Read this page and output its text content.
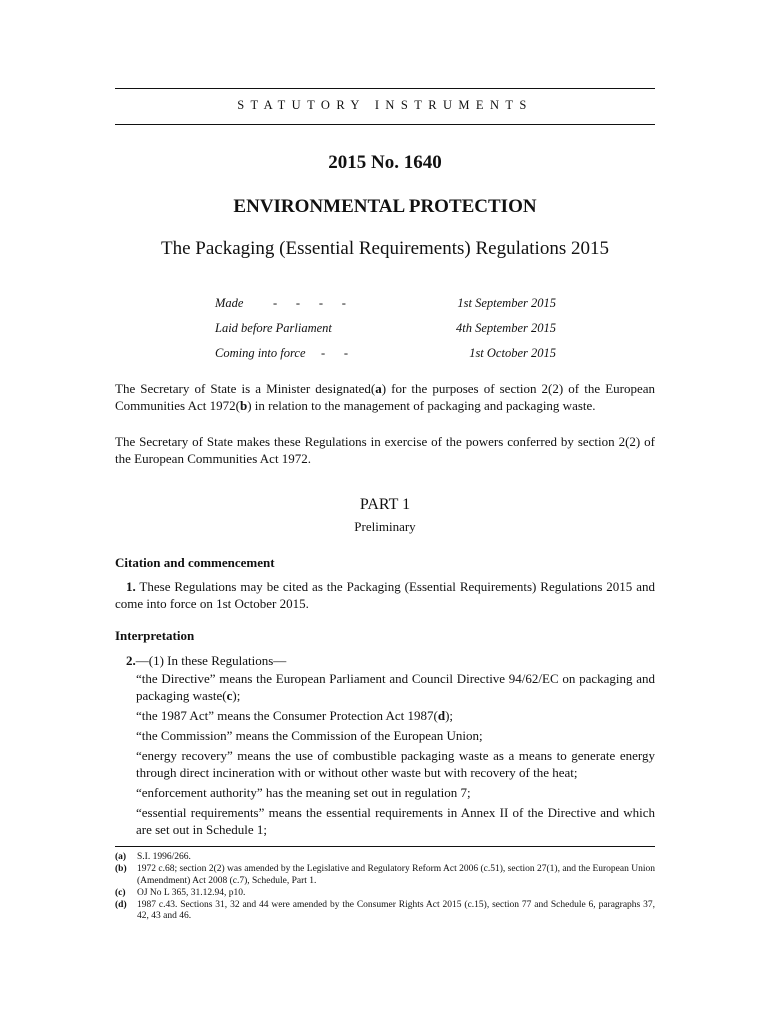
STATUTORY INSTRUMENTS
2015 No. 1640
ENVIRONMENTAL PROTECTION
The Packaging (Essential Requirements) Regulations 2015
Made -      -      -      -	1st September 2015
Laid before Parliament	4th September 2015
Coming into force -      -	1st October 2015
The Secretary of State is a Minister designated(a) for the purposes of section 2(2) of the European Communities Act 1972(b) in relation to the management of packaging and packaging waste.
The Secretary of State makes these Regulations in exercise of the powers conferred by section 2(2) of the European Communities Act 1972.
PART 1
Preliminary
Citation and commencement
1. These Regulations may be cited as the Packaging (Essential Requirements) Regulations 2015 and come into force on 1st October 2015.
Interpretation
2.—(1) In these Regulations—
“the Directive” means the European Parliament and Council Directive 94/62/EC on packaging and packaging waste(c);
“the 1987 Act” means the Consumer Protection Act 1987(d);
“the Commission” means the Commission of the European Union;
“energy recovery” means the use of combustible packaging waste as a means to generate energy through direct incineration with or without other waste but with recovery of the heat;
“enforcement authority” has the meaning set out in regulation 7;
“essential requirements” means the essential requirements in Annex II of the Directive and which are set out in Schedule 1;
(a) S.I. 1996/266.
(b) 1972 c.68; section 2(2) was amended by the Legislative and Regulatory Reform Act 2006 (c.51), section 27(1), and the European Union (Amendment) Act 2008 (c.7), Schedule, Part 1.
(c) OJ No L 365, 31.12.94, p10.
(d) 1987 c.43. Sections 31, 32 and 44 were amended by the Consumer Rights Act 2015 (c.15), section 77 and Schedule 6, paragraphs 37, 42, 43 and 46.
